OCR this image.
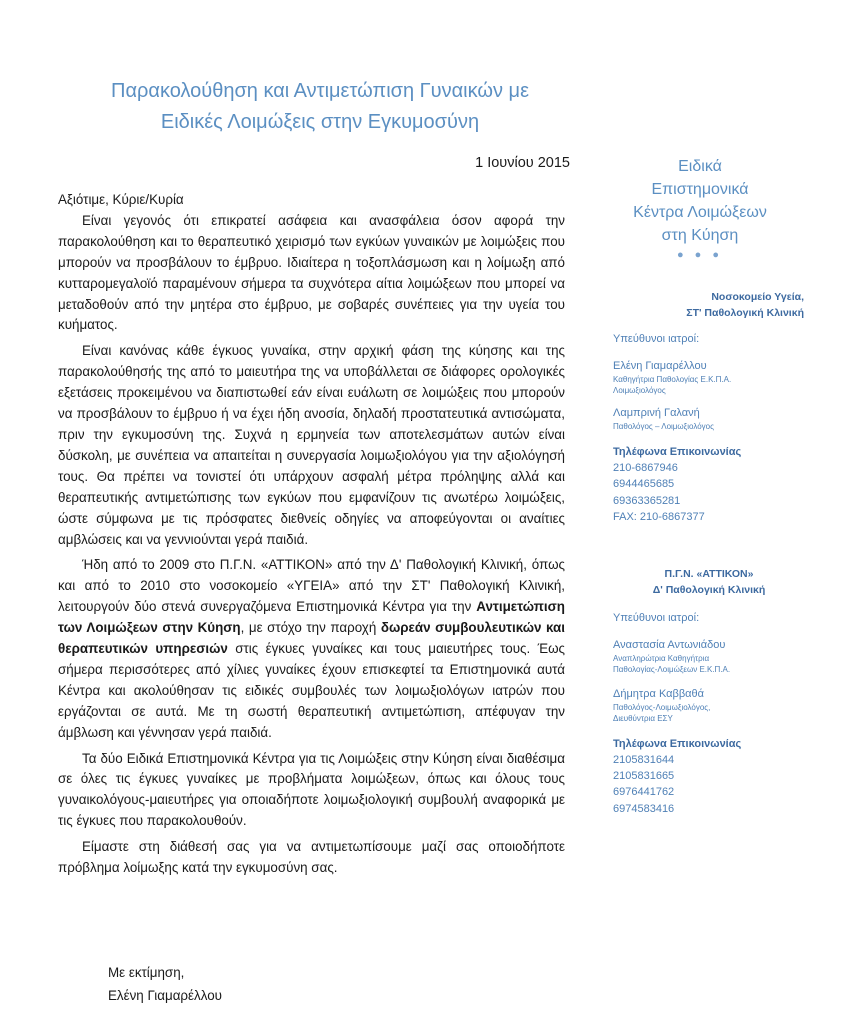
Παρακολούθηση και Αντιμετώπιση Γυναικών με
Ειδικές Λοιμώξεις στην Εγκυμοσύνη
1 Ιουνίου 2015

Αξιότιμε, Κύριε/Κυρία

Είναι γεγονός ότι επικρατεί ασάφεια και ανασφάλεια όσον αφορά την παρακολούθηση και το θεραπευτικό χειρισμό των εγκύων γυναικών με λοιμώξεις που μπορούν να προσβάλουν το έμβρυο. Ιδιαίτερα η τοξοπλάσμωση και η λοίμωξη από κυτταρομεγαλοϊό παραμένουν σήμερα τα συχνότερα αίτια λοιμώξεων που μπορεί να μεταδοθούν από την μητέρα στο έμβρυο, με σοβαρές συνέπειες για την υγεία του κυήματος.

Είναι κανόνας κάθε έγκυος γυναίκα, στην αρχική φάση της κύησης και της παρακολούθησής της από το μαιευτήρα της να υποβάλλεται σε διάφορες ορολογικές εξετάσεις προκειμένου να διαπιστωθεί εάν είναι ευάλωτη σε λοιμώξεις που μπορούν να προσβάλουν το έμβρυο ή να έχει ήδη ανοσία, δηλαδή προστατευτικά αντισώματα, πριν την εγκυμοσύνη της. Συχνά η ερμηνεία των αποτελεσμάτων αυτών είναι δύσκολη, με συνέπεια να απαιτείται η συνεργασία λοιμωξιολόγου για την αξιολόγησή τους. Θα πρέπει να τονιστεί ότι υπάρχουν ασφαλή μέτρα πρόληψης αλλά και θεραπευτικής αντιμετώπισης των εγκύων που εμφανίζουν τις ανωτέρω λοιμώξεις, ώστε σύμφωνα με τις πρόσφατες διεθνείς οδηγίες να αποφεύγονται οι αναίτιες αμβλώσεις και να γεννιούνται γερά παιδιά.

Ήδη από το 2009 στο Π.Γ.Ν. «ΑΤΤΙΚΟΝ» από την Δ' Παθολογική Κλινική, όπως και από το 2010 στο νοσοκομείο «ΥΓΕΙΑ» από την ΣΤ' Παθολογική Κλινική, λειτουργούν δύο στενά συνεργαζόμενα Επιστημονικά Κέντρα για την Αντιμετώπιση των Λοιμώξεων στην Κύηση, με στόχο την παροχή δωρεάν συμβουλευτικών και θεραπευτικών υπηρεσιών στις έγκυες γυναίκες και τους μαιευτήρες τους. Έως σήμερα περισσότερες από χίλιες γυναίκες έχουν επισκεφτεί τα Επιστημονικά αυτά Κέντρα και ακολούθησαν τις ειδικές συμβουλές των λοιμωξιολόγων ιατρών που εργάζονται σε αυτά. Με τη σωστή θεραπευτική αντιμετώπιση, απέφυγαν την άμβλωση και γέννησαν γερά παιδιά.

Τα δύο Ειδικά Επιστημονικά Κέντρα για τις Λοιμώξεις στην Κύηση είναι διαθέσιμα σε όλες τις έγκυες γυναίκες με προβλήματα λοιμώξεων, όπως και όλους τους γυναικολόγους-μαιευτήρες για οποιαδήποτε λοιμωξιολογική συμβουλή αναφορικά με τις έγκυες που παρακολουθούν.

Είμαστε στη διάθεσή σας για να αντιμετωπίσουμε μαζί σας οποιοδήποτε πρόβλημα λοίμωξης κατά την εγκυμοσύνη σας.

Με εκτίμηση,
Ελένη Γιαμαρέλλου
Ειδικά
Επιστημονικά
Κέντρα Λοιμώξεων
στη Κύηση
● ● ●
Νοσοκομείο Υγεία,
ΣΤ' Παθολογική Κλινική
Υπεύθυνοι ιατροί:
Ελένη Γιαμαρέλλου
Καθηγήτρια Παθολογίας Ε.Κ.Π.Α.
Λοιμωξιολόγος
Λαμπρινή Γαλανή
Παθολόγος – Λοιμωξιολόγος
Τηλέφωνα Επικοινωνίας
210-6867946
6944465685
69363365281
FAX: 210-6867377
Π.Γ.Ν. «ΑΤΤΙΚΟΝ»
Δ' Παθολογική Κλινική
Υπεύθυνοι ιατροί:
Αναστασία Αντωνιάδου
Αναπληρώτρια Καθηγήτρια
Παθολογίας-Λοιμώξεων Ε.Κ.Π.Α.
Δήμητρα Καββαθά
Παθολόγος-Λοιμωξιολόγος,
Διευθύντρια ΕΣΥ
Τηλέφωνα Επικοινωνίας
2105831644
2105831665
6976441762
6974583416
